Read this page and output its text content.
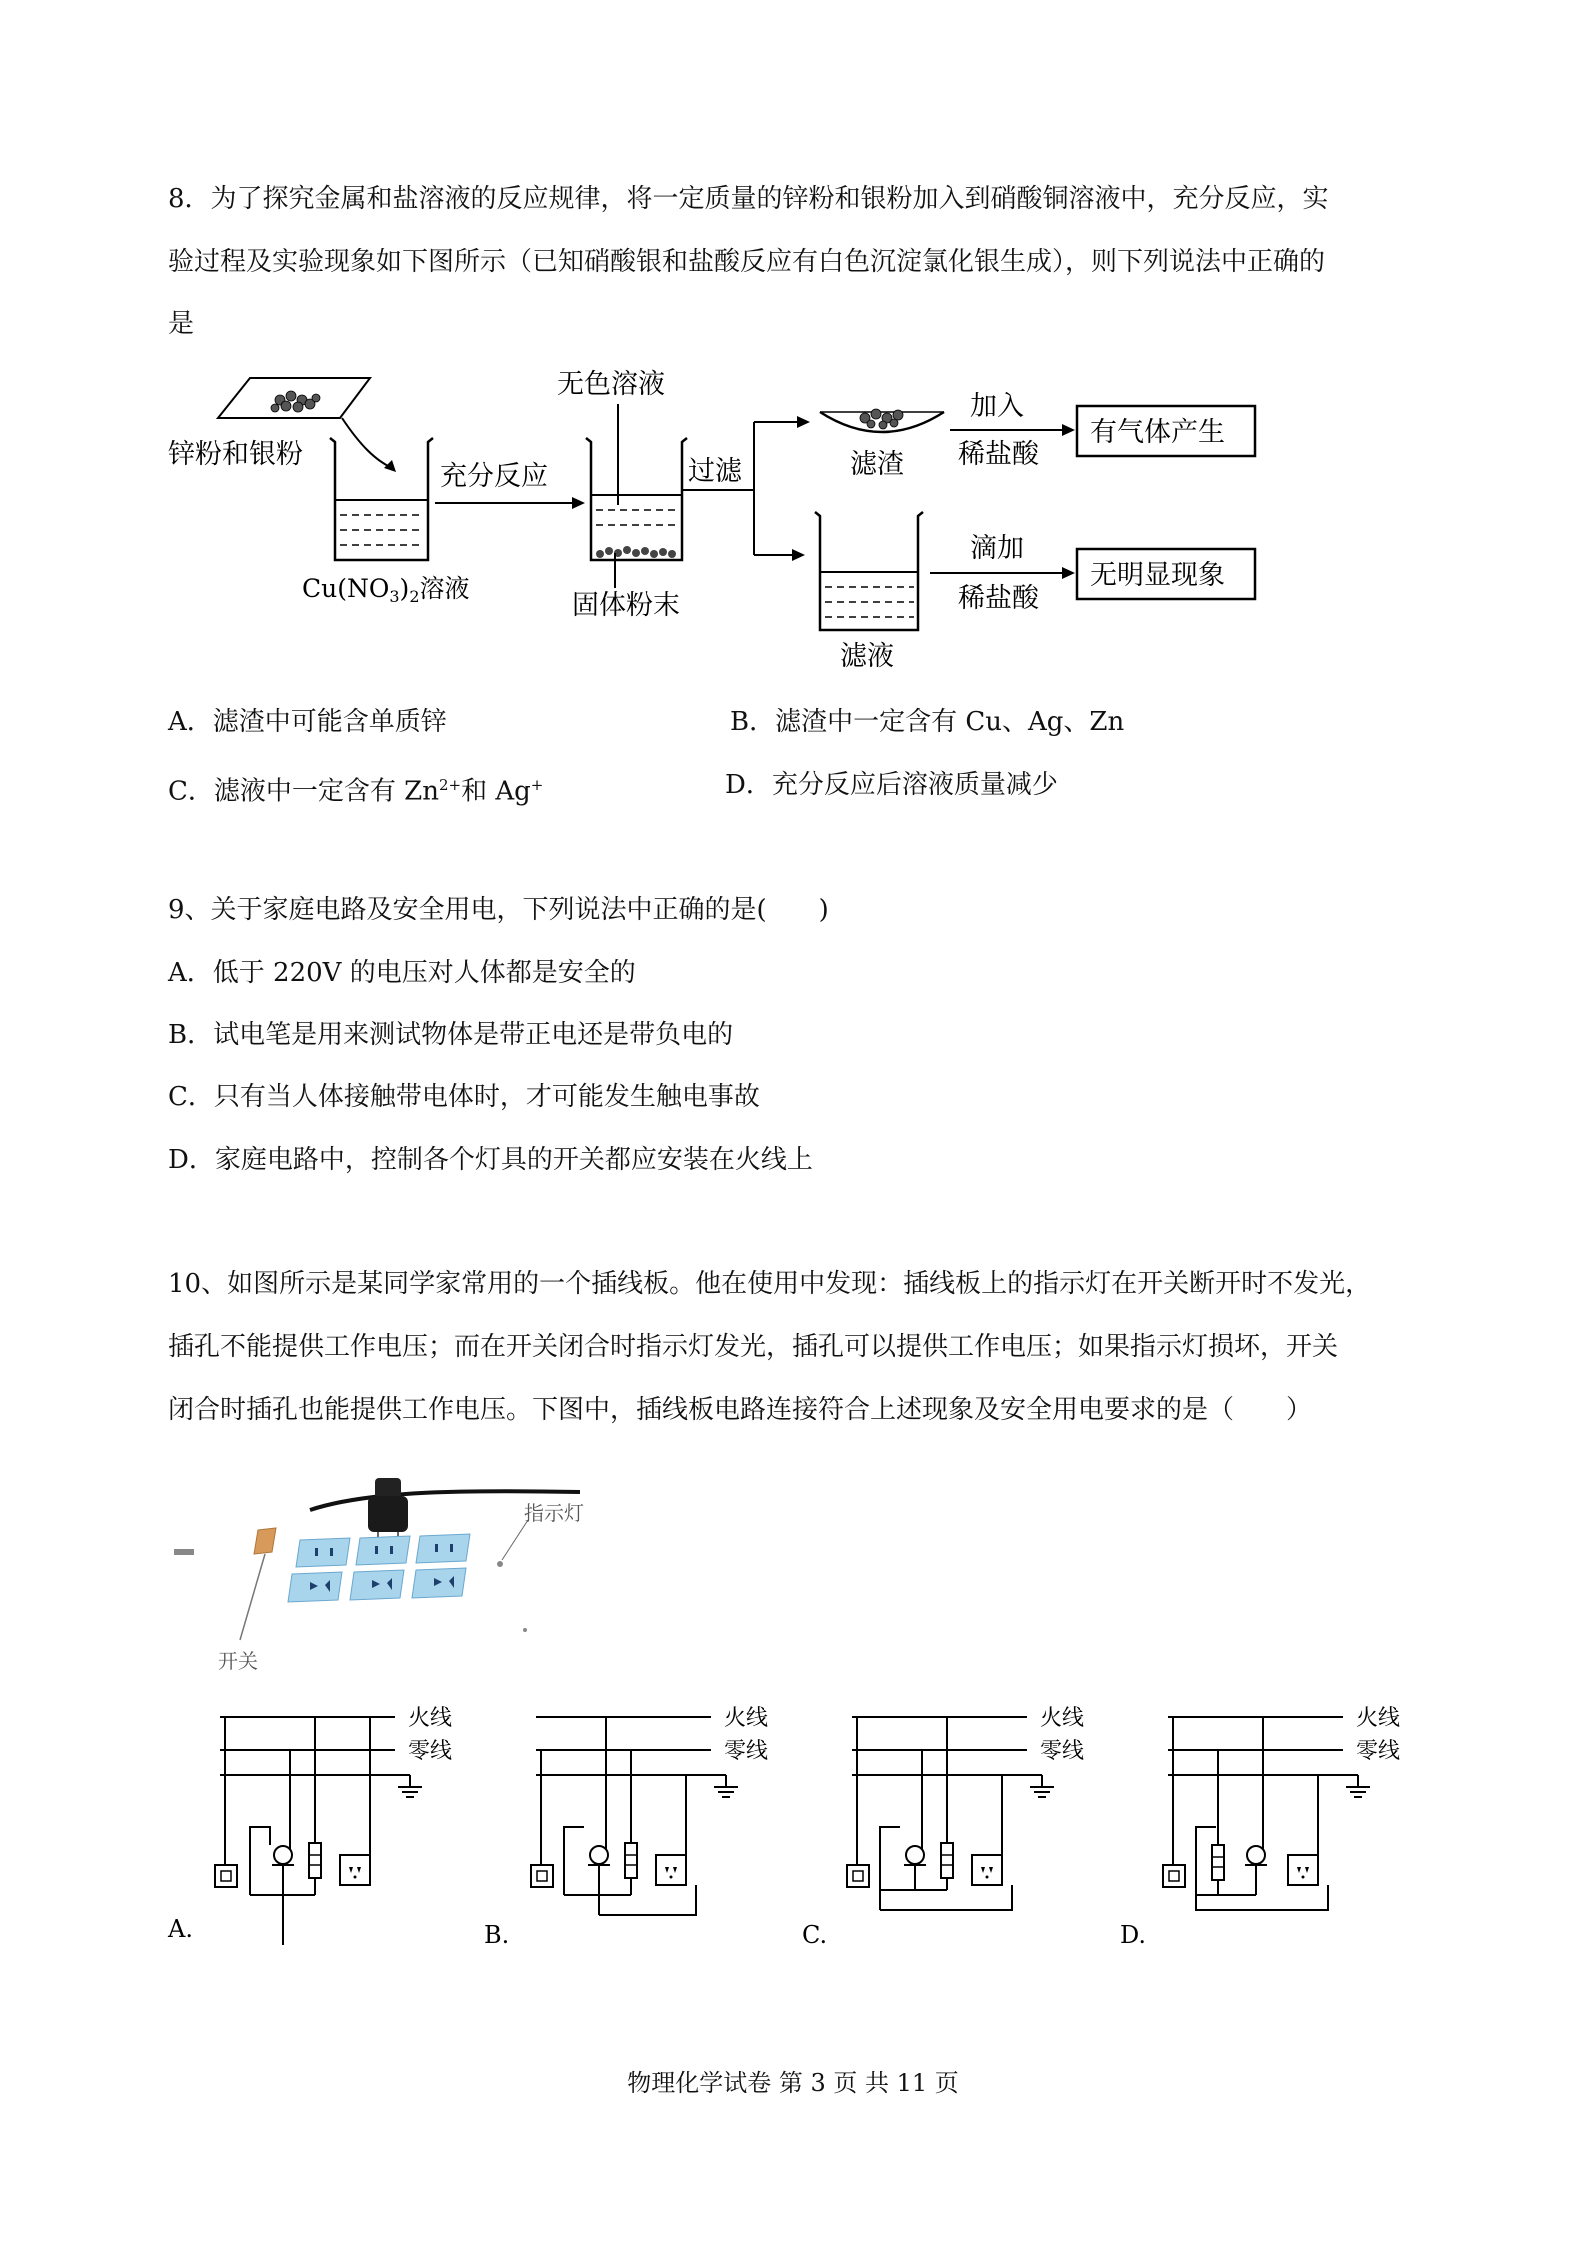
8．为了探究金属和盐溶液的反应规律，将一定质量的锌粉和银粉加入到硝酸铜溶液中，充分反应，实
验过程及实验现象如下图所示（已知硝酸银和盐酸反应有白色沉淀氯化银生成），则下列说法中正确的
是
锌粉和银粉
$Cu(NO_3)_2$溶液
充分反应
无色溶液
固体粉末
过滤	滤渣
加入
稀盐酸
有气体产生
滤液
滴加
稀盐酸
无明显现象
A．滤渣中可能含单质锌	B．滤渣中一定含有 Cu、Ag、Zn
C．滤液中一定含有 $Zn^{2+}$和 Ag+	D．充分反应后溶液质量减少
9、关于家庭电路及安全用电，下列说法中正确的是(　　)
A．低于 220V 的电压对人体都是安全的
B．试电笔是用来测试物体是带正电还是带负电的
C．只有当人体接触带电体时，才可能发生触电事故
D．家庭电路中，控制各个灯具的开关都应安装在火线上
10、如图所示是某同学家常用的一个插线板。他在使用中发现：插线板上的指示灯在开关断开时不发光，
插孔不能提供工作电压；而在开关闭合时指示灯发光，插孔可以提供工作电压；如果指示灯损坏，开关
闭合时插孔也能提供工作电压。下图中，插线板电路连接符合上述现象及安全用电要求的是（　　）
指示灯
开关
火线
零线
火线
零线
火线
零线
火线
零线
A.	B.	C.	D.
物理化学试卷 第 3 页 共 11 页
